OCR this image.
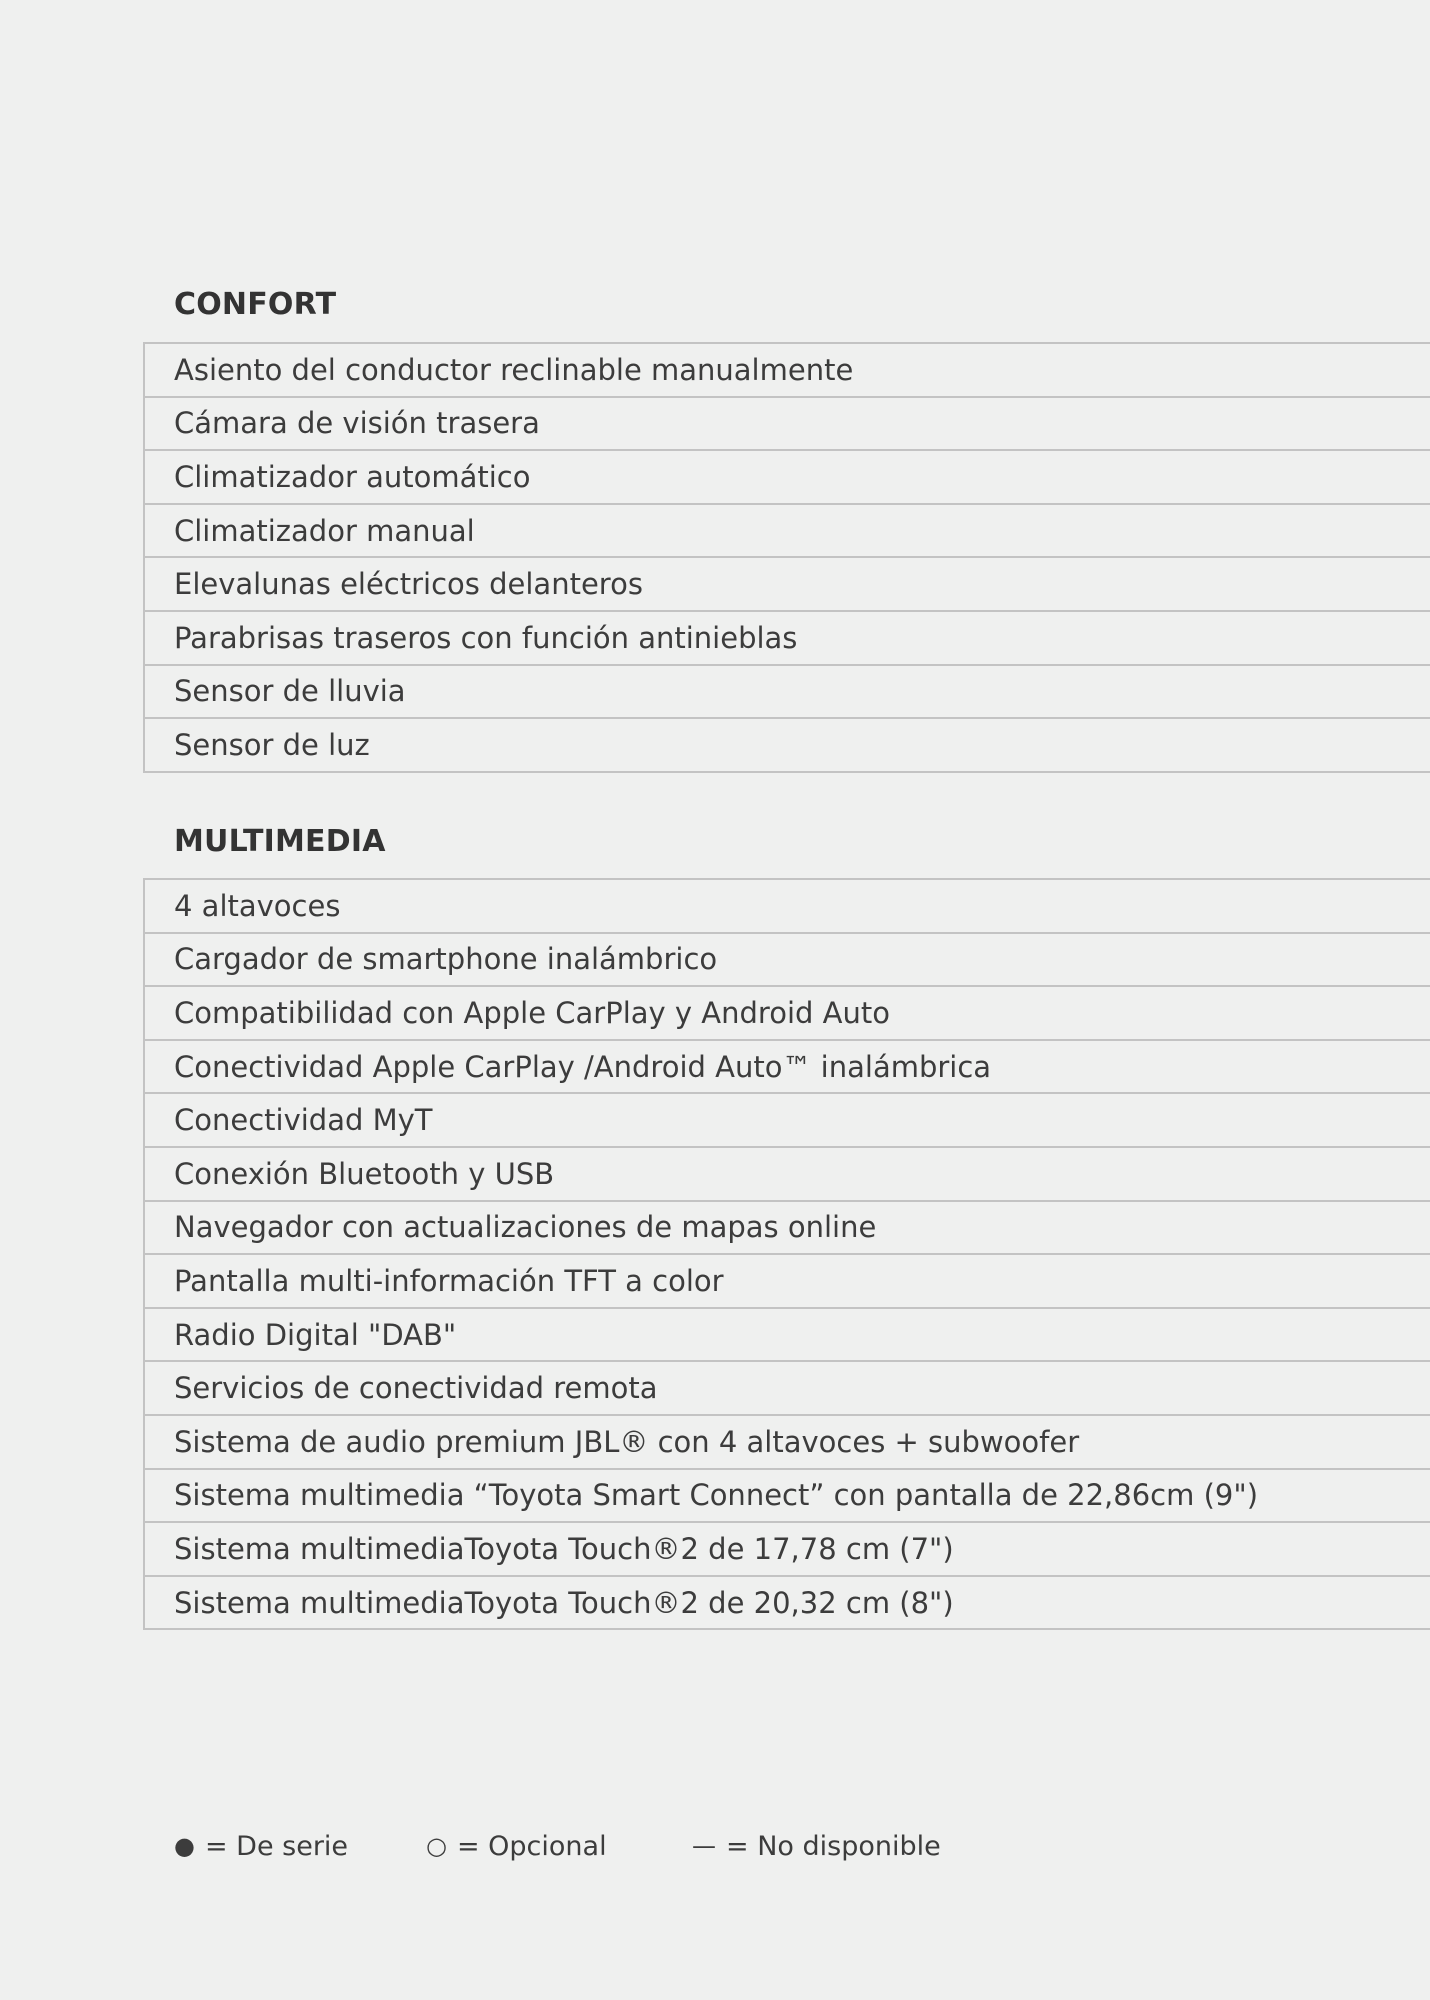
CONFORT
Asiento del conductor reclinable manualmente
Cámara de visión trasera
Climatizador automático
Climatizador manual
Elevalunas eléctricos delanteros
Parabrisas traseros con función antinieblas
Sensor de lluvia
Sensor de luz
MULTIMEDIA
4 altavoces
Cargador de smartphone inalámbrico
Compatibilidad con Apple CarPlay y Android Auto
Conectividad Apple CarPlay /Android Auto™ inalámbrica
Conectividad MyT
Conexión Bluetooth y USB
Navegador con actualizaciones de mapas online
Pantalla multi-información TFT a color
Radio Digital "DAB"
Servicios de conectividad remota
Sistema de audio premium JBL® con 4 altavoces + subwoofer
Sistema multimedia “Toyota Smart Connect” con pantalla de 22,86cm (9")
Sistema multimediaToyota Touch®2 de 17,78 cm (7")
Sistema multimediaToyota Touch®2 de 20,32 cm (8")
● = De serie	○ = Opcional	— = No disponible
